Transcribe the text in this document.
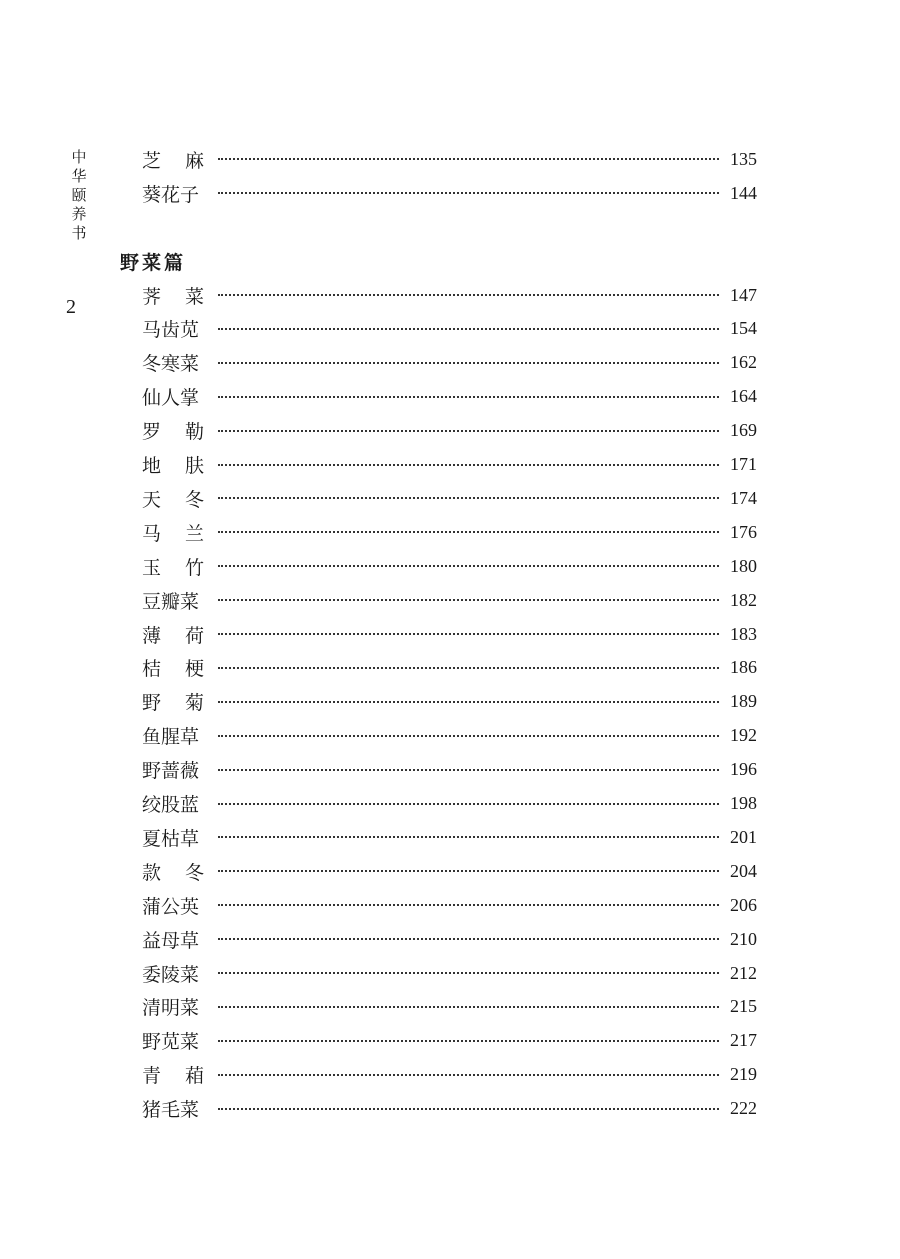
中
华
颐
养
书
2
野菜篇
芝 麻	135
葵花子	144
荠 菜	147
马齿苋	154
冬寒菜	162
仙人掌	164
罗 勒	169
地 肤	171
天 冬	174
马 兰	176
玉 竹	180
豆瓣菜	182
薄 荷	183
桔 梗	186
野 菊	189
鱼腥草	192
野蔷薇	196
绞股蓝	198
夏枯草	201
款 冬	204
蒲公英	206
益母草	210
委陵菜	212
清明菜	215
野苋菜	217
青 葙	219
猪毛菜	222
